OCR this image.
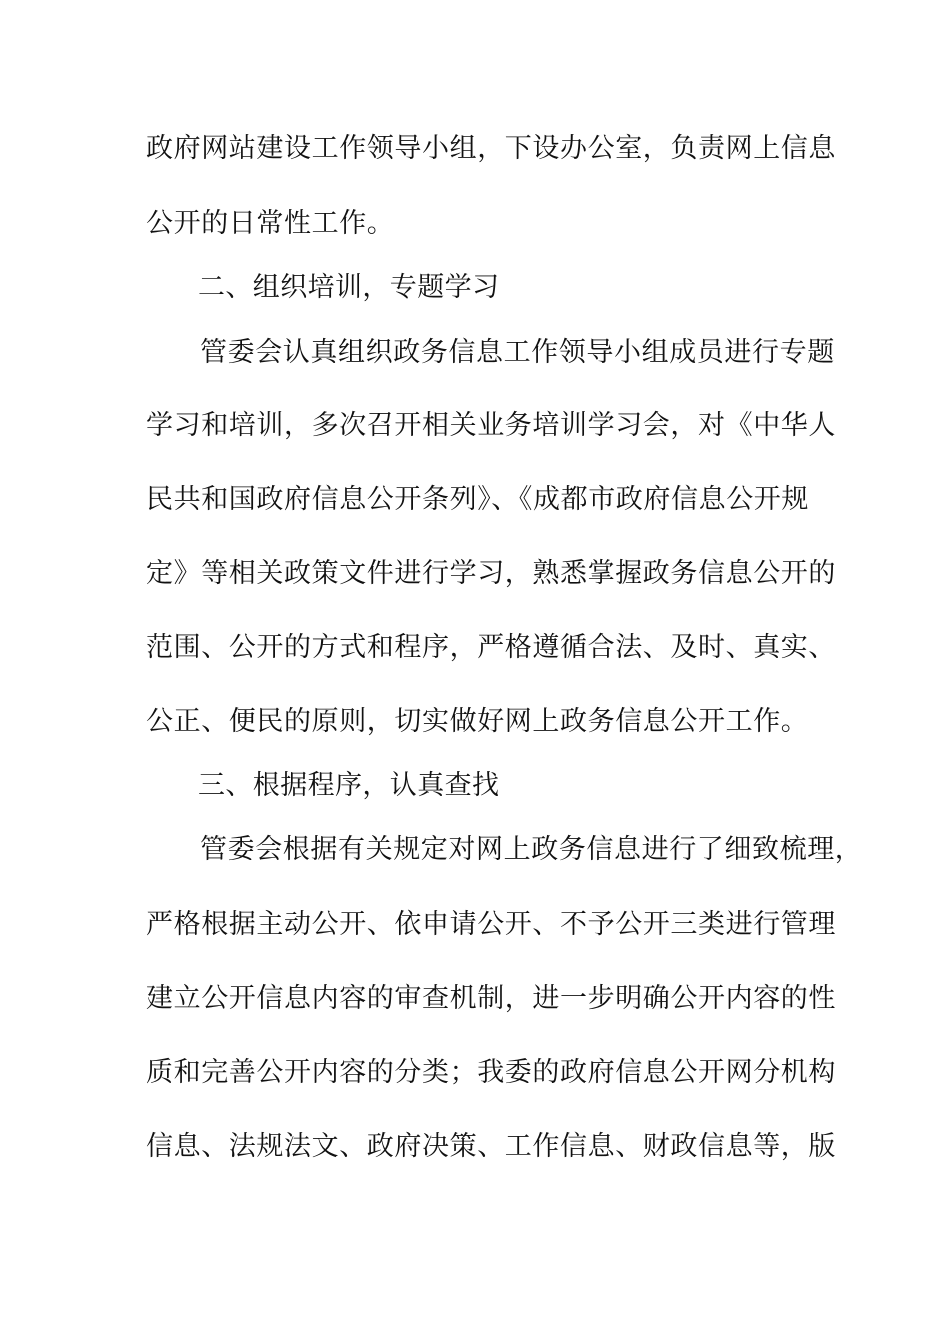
政府网站建设工作领导小组，下设办公室，负责网上信息
公开的日常性工作。
二、组织培训，专题学习
管委会认真组织政务信息工作领导小组成员进行专题
学习和培训，多次召开相关业务培训学习会，对《中华人
民共和国政府信息公开条列》、《成都市政府信息公开规
定》等相关政策文件进行学习，熟悉掌握政务信息公开的
范围、公开的方式和程序，严格遵循合法、及时、真实、
公正、便民的原则，切实做好网上政务信息公开工作。
三、根据程序，认真查找
管委会根据有关规定对网上政务信息进行了细致梳理，
严格根据主动公开、依申请公开、不予公开三类进行管理
建立公开信息内容的审查机制，进一步明确公开内容的性
质和完善公开内容的分类；我委的政府信息公开网分机构
信息、法规法文、政府决策、工作信息、财政信息等，版
